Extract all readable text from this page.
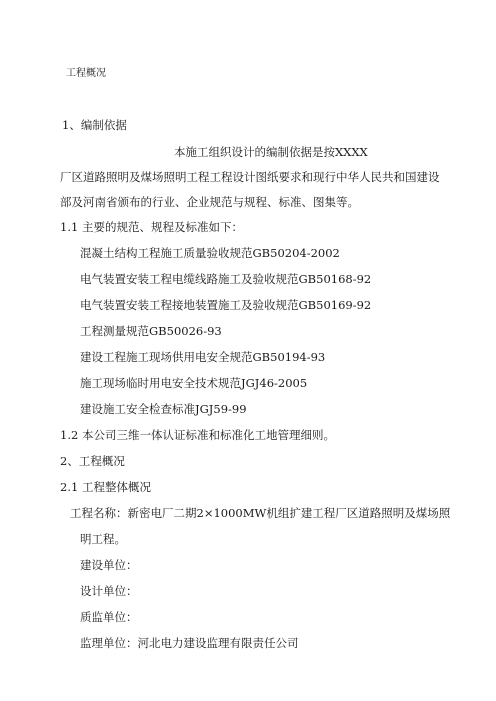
工程概况
1、编制依据
本施工组织设计的编制依据是按XXXX
厂区道路照明及煤场照明工程工程设计图纸要求和现行中华人民共和国建设
部及河南省颁布的行业、企业规范与规程、标准、图集等。
1.1 主要的规范、规程及标准如下：
混凝土结构工程施工质量验收规范GB50204-2002
电气装置安装工程电缆线路施工及验收规范GB50168-92
电气装置安装工程接地装置施工及验收规范GB50169-92
工程测量规范GB50026-93
建设工程施工现场供用电安全规范GB50194-93
施工现场临时用电安全技术规范JGJ46-2005
建设施工安全检查标准JGJ59-99
1.2 本公司三维一体认证标准和标准化工地管理细则。
2、工程概况
2.1 工程整体概况
工程名称：新密电厂二期2×1000MW机组扩建工程厂区道路照明及煤场照
明工程。
建设单位：
设计单位：
质监单位：
监理单位：河北电力建设监理有限责任公司
